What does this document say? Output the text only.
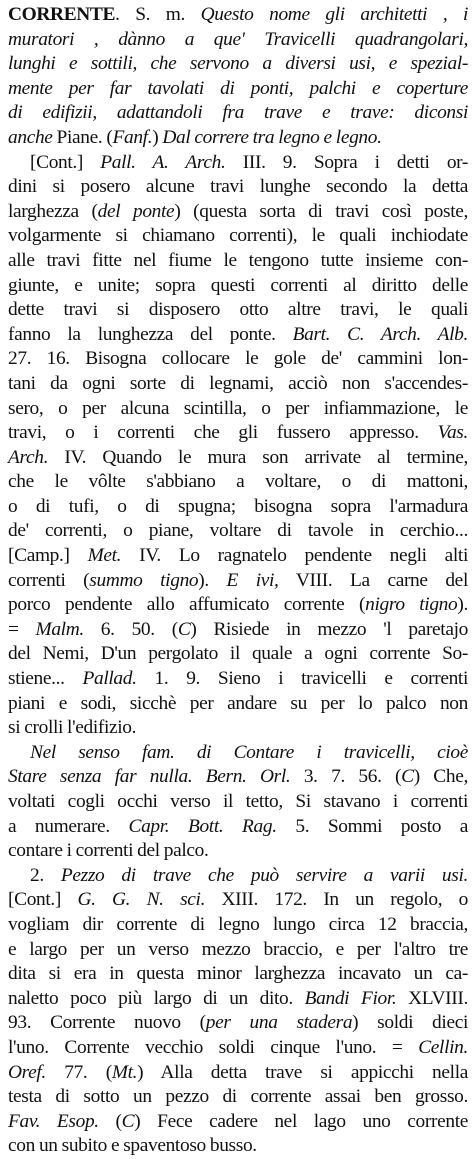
CORRENTE. S. m. Questo nome gli architetti , i
muratori , dànno a que' Travicelli quadrangolari,
lunghi e sottili, che servono a diversi usi, e spezial-
mente per far tavolati di ponti, palchi e coperture
di edifizii, adattandoli fra trave e trave: diconsi
anche Piane. (Fanf.) Dal correre tra legno e legno.
[Cont.] Pall. A. Arch. III. 9. Sopra i detti or-
dini si posero alcune travi lunghe secondo la detta
larghezza (del ponte) (questa sorta di travi così poste,
volgarmente si chiamano correnti), le quali inchiodate
alle travi fitte nel fiume le tengono tutte insieme con-
giunte, e unite; sopra questi correnti al diritto delle
dette travi si disposero otto altre travi, le quali
fanno la lunghezza del ponte. Bart. C. Arch. Alb.
27. 16. Bisogna collocare le gole de' cammini lon-
tani da ogni sorte di legnami, acciò non s'accendes-
sero, o per alcuna scintilla, o per infiammazione, le
travi, o i correnti che gli fussero appresso. Vas.
Arch. IV. Quando le mura son arrivate al termine,
che le vôlte s'abbiano a voltare, o di mattoni,
o di tufi, o di spugna; bisogna sopra l'armadura
de' correnti, o piane, voltare di tavole in cerchio...
[Camp.] Met. IV. Lo ragnatelo pendente negli alti
correnti (summo tigno). E ivi, VIII. La carne del
porco pendente allo affumicato corrente (nigro tigno).
= Malm. 6. 50. (C) Risiede in mezzo 'l paretajo
del Nemi, D'un pergolato il quale a ogni corrente So-
stiene... Pallad. 1. 9. Sieno i travicelli e correnti
piani e sodi, sicchè per andare su per lo palco non
si crolli l'edifizio.
Nel senso fam. di Contare i travicelli, cioè
Stare senza far nulla. Bern. Orl. 3. 7. 56. (C) Che,
voltati cogli occhi verso il tetto, Si stavano i correnti
a numerare. Capr. Bott. Rag. 5. Sommi posto a
contare i correnti del palco.
2. Pezzo di trave che può servire a varii usi.
[Cont.] G. G. N. sci. XIII. 172. In un regolo, o
vogliam dir corrente di legno lungo circa 12 braccia,
e largo per un verso mezzo braccio, e per l'altro tre
dita si era in questa minor larghezza incavato un ca-
naletto poco più largo di un dito. Bandi Fior. XLVIII.
93. Corrente nuovo (per una stadera) soldi dieci
l'uno. Corrente vecchio soldi cinque l'uno. = Cellin.
Oref. 77. (Mt.) Alla detta trave si appicchi nella
testa di sotto un pezzo di corrente assai ben grosso.
Fav. Esop. (C) Fece cadere nel lago uno corrente
con un subito e spaventoso busso.
